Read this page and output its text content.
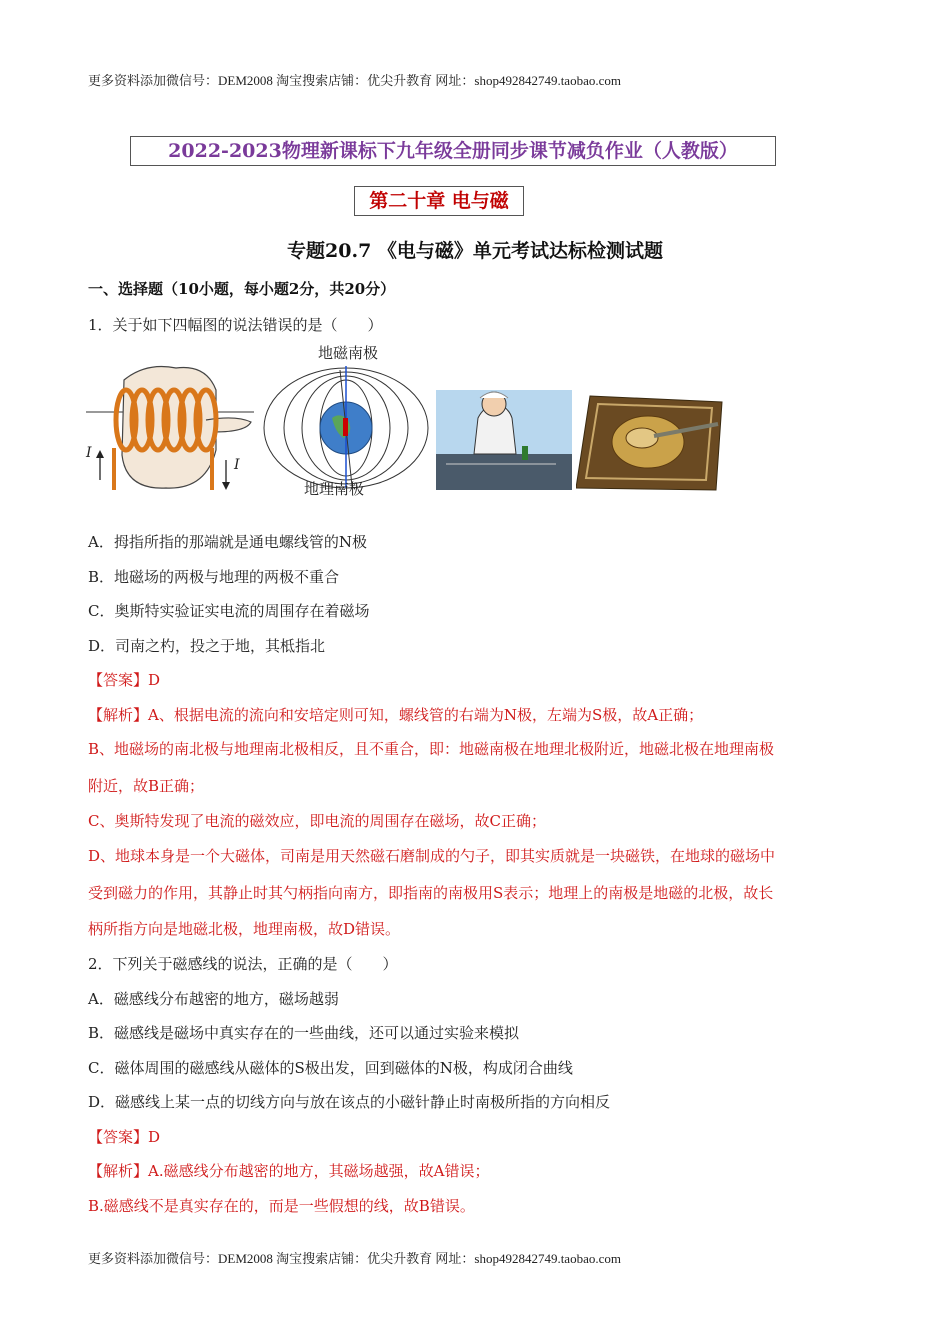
更多资料添加微信号：DEM2008 淘宝搜索店铺：优尖升教育 网址：shop492842749.taobao.com
2022-2023物理新课标下九年级全册同步课节减负作业（人教版）
第二十章 电与磁
专题20.7 《电与磁》单元考试达标检测试题
一、选择题（10小题，每小题2分，共20分）
1．关于如下四幅图的说法错误的是（　　）
I
I
地磁南极
地理南极
A．拇指所指的那端就是通电螺线管的N极
B．地磁场的两极与地理的两极不重合
C．奥斯特实验证实电流的周围存在着磁场
D．司南之杓，投之于地，其柢指北
【答案】D
【解析】A、根据电流的流向和安培定则可知，螺线管的右端为N极，左端为S极，故A正确；
B、地磁场的南北极与地理南北极相反，且不重合，即：地磁南极在地理北极附近，地磁北极在地理南极
附近，故B正确；
C、奥斯特发现了电流的磁效应，即电流的周围存在磁场，故C正确；
D、地球本身是一个大磁体，司南是用天然磁石磨制成的勺子，即其实质就是一块磁铁，在地球的磁场中
受到磁力的作用，其静止时其勺柄指向南方，即指南的南极用S表示；地理上的南极是地磁的北极，故长
柄所指方向是地磁北极，地理南极，故D错误。
2．下列关于磁感线的说法，正确的是（　　）
A．磁感线分布越密的地方，磁场越弱
B．磁感线是磁场中真实存在的一些曲线，还可以通过实验来模拟
C．磁体周围的磁感线从磁体的S极出发，回到磁体的N极，构成闭合曲线
D．磁感线上某一点的切线方向与放在该点的小磁针静止时南极所指的方向相反
【答案】D
【解析】A.磁感线分布越密的地方，其磁场越强，故A错误；
B.磁感线不是真实存在的，而是一些假想的线，故B错误。
更多资料添加微信号：DEM2008 淘宝搜索店铺：优尖升教育 网址：shop492842749.taobao.com
